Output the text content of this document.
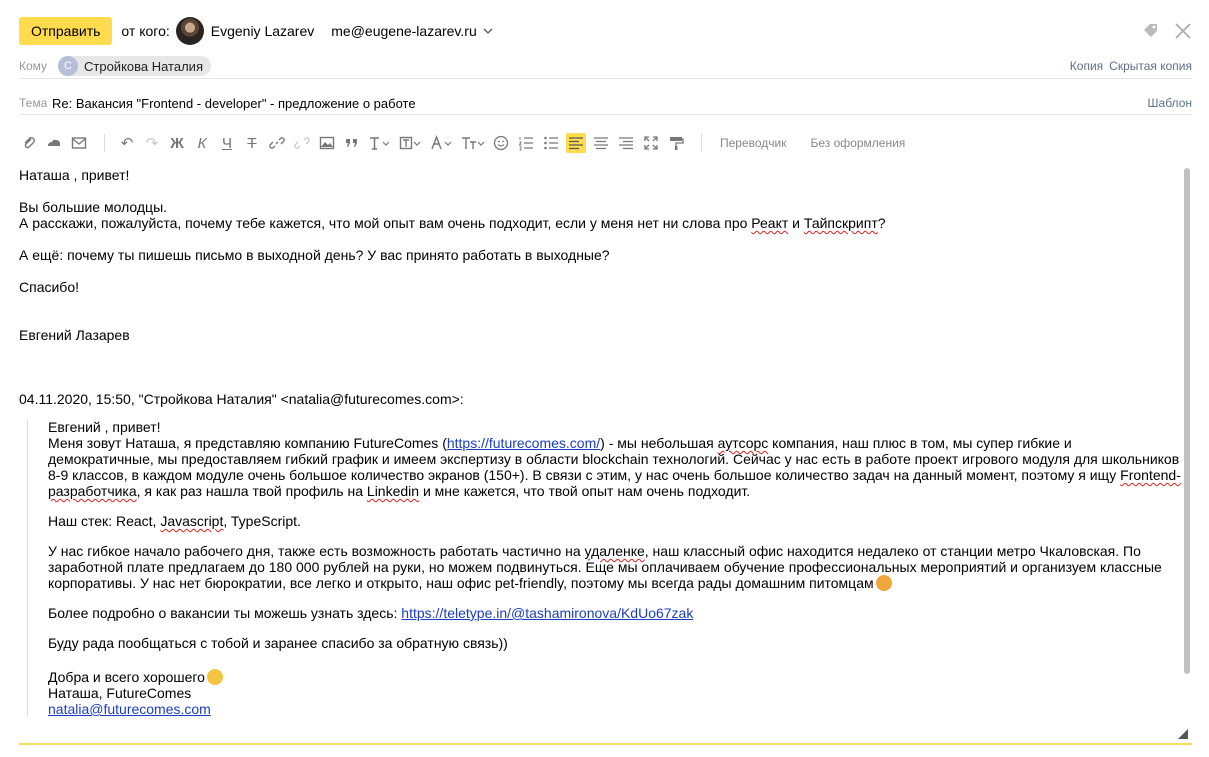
Отправить	от кого:	Evgeniy Lazarev me@eugene-lazarev.ru
Кому	С Стройкова Наталия	Копия Скрытая копия
Тема Re: Вакансия "Frontend - developer" - предложение о работе	Шаблон
↶ ↷ Ж К	Ч	Т	Переводчик Без оформления

Наташа , привет!

Вы большие молодцы.

А расскажи, пожалуйста, почему тебе кажется, что мой опыт вам очень подходит, если у меня нет ни слова про Реакт и Тайпскрипт?

А ещё: почему ты пишешь письмо в выходной день? У вас принято работать в выходные?

Спасибо!

Евгений Лазарев

04.11.2020, 15:50, "Стройкова Наталия" <natalia@futurecomes.com>:

Евгений , привет!

Меня зовут Наташа, я представляю компанию FutureComes (https://futurecomes.com/) - мы небольшая аутсорс компания, наш плюс в том, мы супер гибкие и демократичные, мы предоставляем гибкий график и имеем экспертизу в области blockchain технологий. Сейчас у нас есть в работе проект игрового модуля для школьников 8-9 классов, в каждом модуле очень большое количество экранов (150+). В связи с этим, у нас очень большое количество задач на данный момент, поэтому я ищу Frontend-разработчика, я как раз нашла твой профиль на Linkedin и мне кажется, что твой опыт нам очень подходит.

Наш стек: React, Javascript, TypeScript.

У нас гибкое начало рабочего дня, также есть возможность работать частично на удаленке, наш классный офис находится недалеко от станции метро Чкаловская. По заработной плате предлагаем до 180 000 рублей на руки, но можем подвинуться. Еще мы оплачиваем обучение профессиональных мероприятий и организуем классные корпоративы. У нас нет бюрократии, все легко и открыто, наш офис pet-friendly, поэтому мы всегда рады домашним питомцам

Более подробно о вакансии ты можешь узнать здесь: https://teletype.in/@tashamironova/KdUo67zak

Буду рада пообщаться с тобой и заранее спасибо за обратную связь))

Добра и всего хорошего

Наташа, FutureComes

natalia@futurecomes.com
